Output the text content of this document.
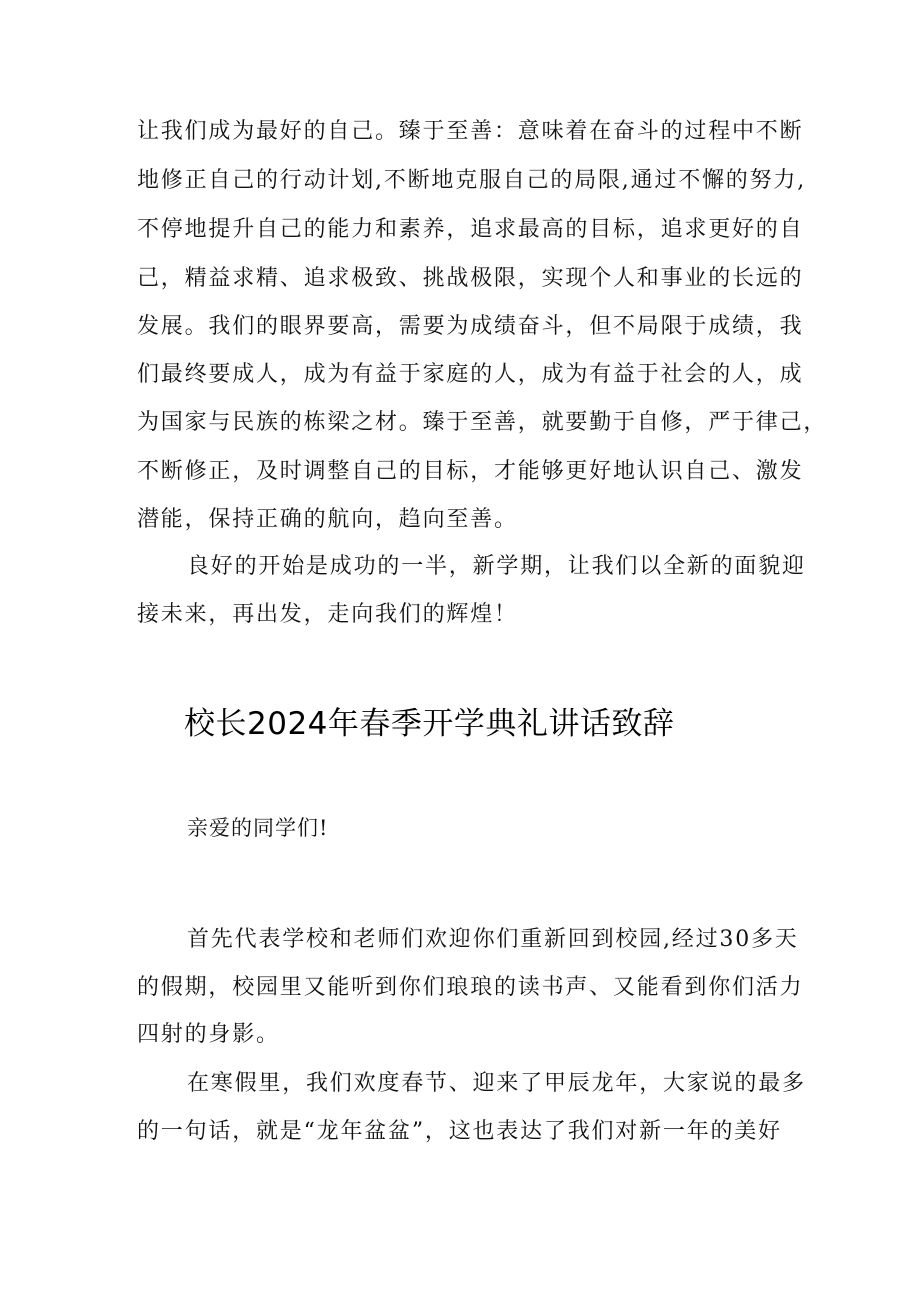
让我们成为最好的自己。臻于至善：意味着在奋斗的过程中不断
地修正自己的行动计划,不断地克服自己的局限,通过不懈的努力,
不停地提升自己的能力和素养，追求最高的目标，追求更好的自
己，精益求精、追求极致、挑战极限，实现个人和事业的长远的
发展。我们的眼界要高，需要为成绩奋斗，但不局限于成绩，我
们最终要成人，成为有益于家庭的人，成为有益于社会的人，成
为国家与民族的栋梁之材。臻于至善，就要勤于自修，严于律己，
不断修正，及时调整自己的目标，才能够更好地认识自己、激发
潜能，保持正确的航向，趋向至善。
良好的开始是成功的一半，新学期，让我们以全新的面貌迎
接未来，再出发，走向我们的辉煌！
校长2024年春季开学典礼讲话致辞
亲爱的同学们!
首先代表学校和老师们欢迎你们重新回到校园,经过30多天
的假期，校园里又能听到你们琅琅的读书声、又能看到你们活力
四射的身影。
在寒假里，我们欢度春节、迎来了甲辰龙年，大家说的最多
的一句话，就是“龙年盆盆”，这也表达了我们对新一年的美好
